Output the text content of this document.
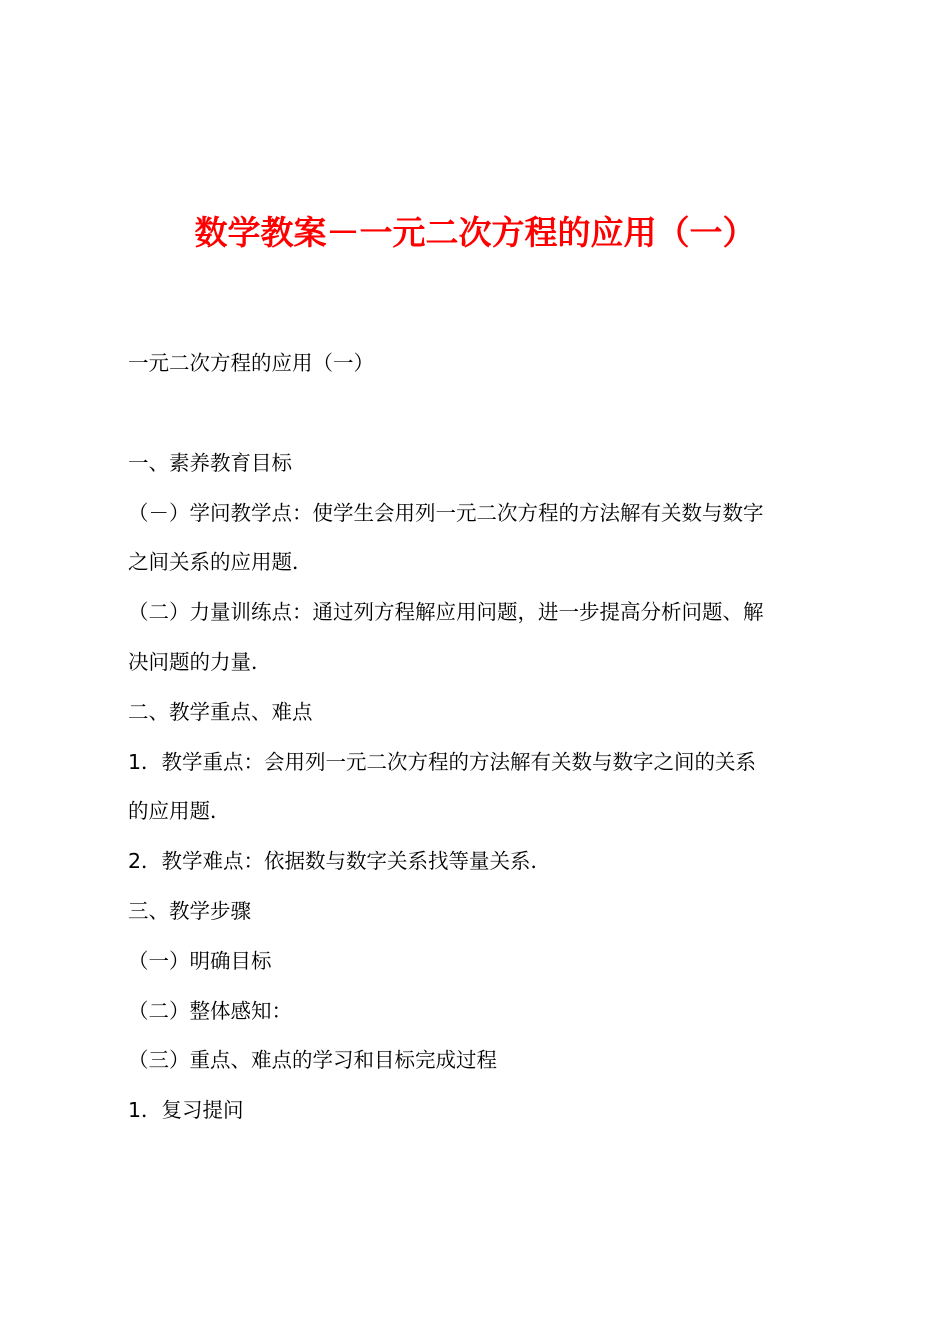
数学教案－一元二次方程的应用（一）

一元二次方程的应用（一）

一、素养教育目标

（－）学问教学点：使学生会用列一元二次方程的方法解有关数与数字

之间关系的应用题．

（二）力量训练点：通过列方程解应用问题，进一步提高分析问题、解

决问题的力量．

二、教学重点、难点

1．教学重点：会用列一元二次方程的方法解有关数与数字之间的关系

的应用题．

2．教学难点：依据数与数字关系找等量关系．

三、教学步骤

（一）明确目标

（二）整体感知：

（三）重点、难点的学习和目标完成过程

1．复习提问
